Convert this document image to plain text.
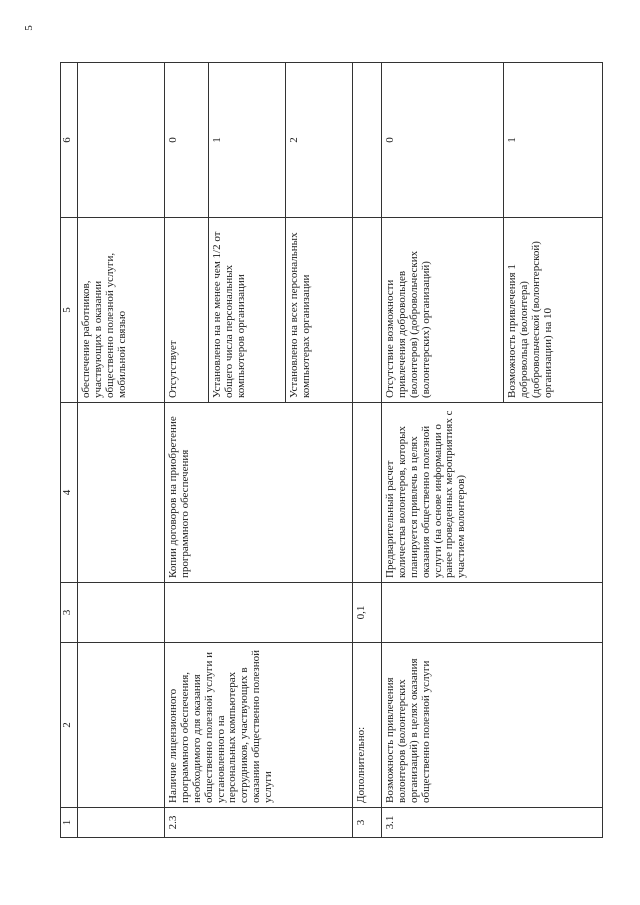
5
1	2	3	4	5	6
				обеспечение работников, участвующих в оказании общественно полезной услуги, мобильной связью	
2.3	Наличие лицензионного программного обеспечения, необходимого для оказания общественно полезной услуги и установленного на персональных компьютерах сотрудников, участвующих в оказании общественно полезной услуги		Копии договоров на приобретение программного обеспечения	Отсутствует	0
				Установлено на не менее чем 1/2 от общего числа персональных компьютеров организации	1
				Установлено на всех персональных компьютерах организации	2
3	Дополнительно:	0,1			
3.1	Возможность привлечения волонтеров (волонтерских организаций) в целях оказания общественно полезной услуги		Предварительный расчет количества волонтеров, которых планируется привлечь в целях оказания общественно полезной услуги (на основе информации о ранее проведенных мероприятиях с участием волонтеров)	Отсутствие возможности привлечения добровольцев (волонтеров) (добровольческих (волонтерских) организаций)	0
				Возможность привлечения 1 добровольца (волонтера) (добровольческой (волонтерской) организации) на 10	1
